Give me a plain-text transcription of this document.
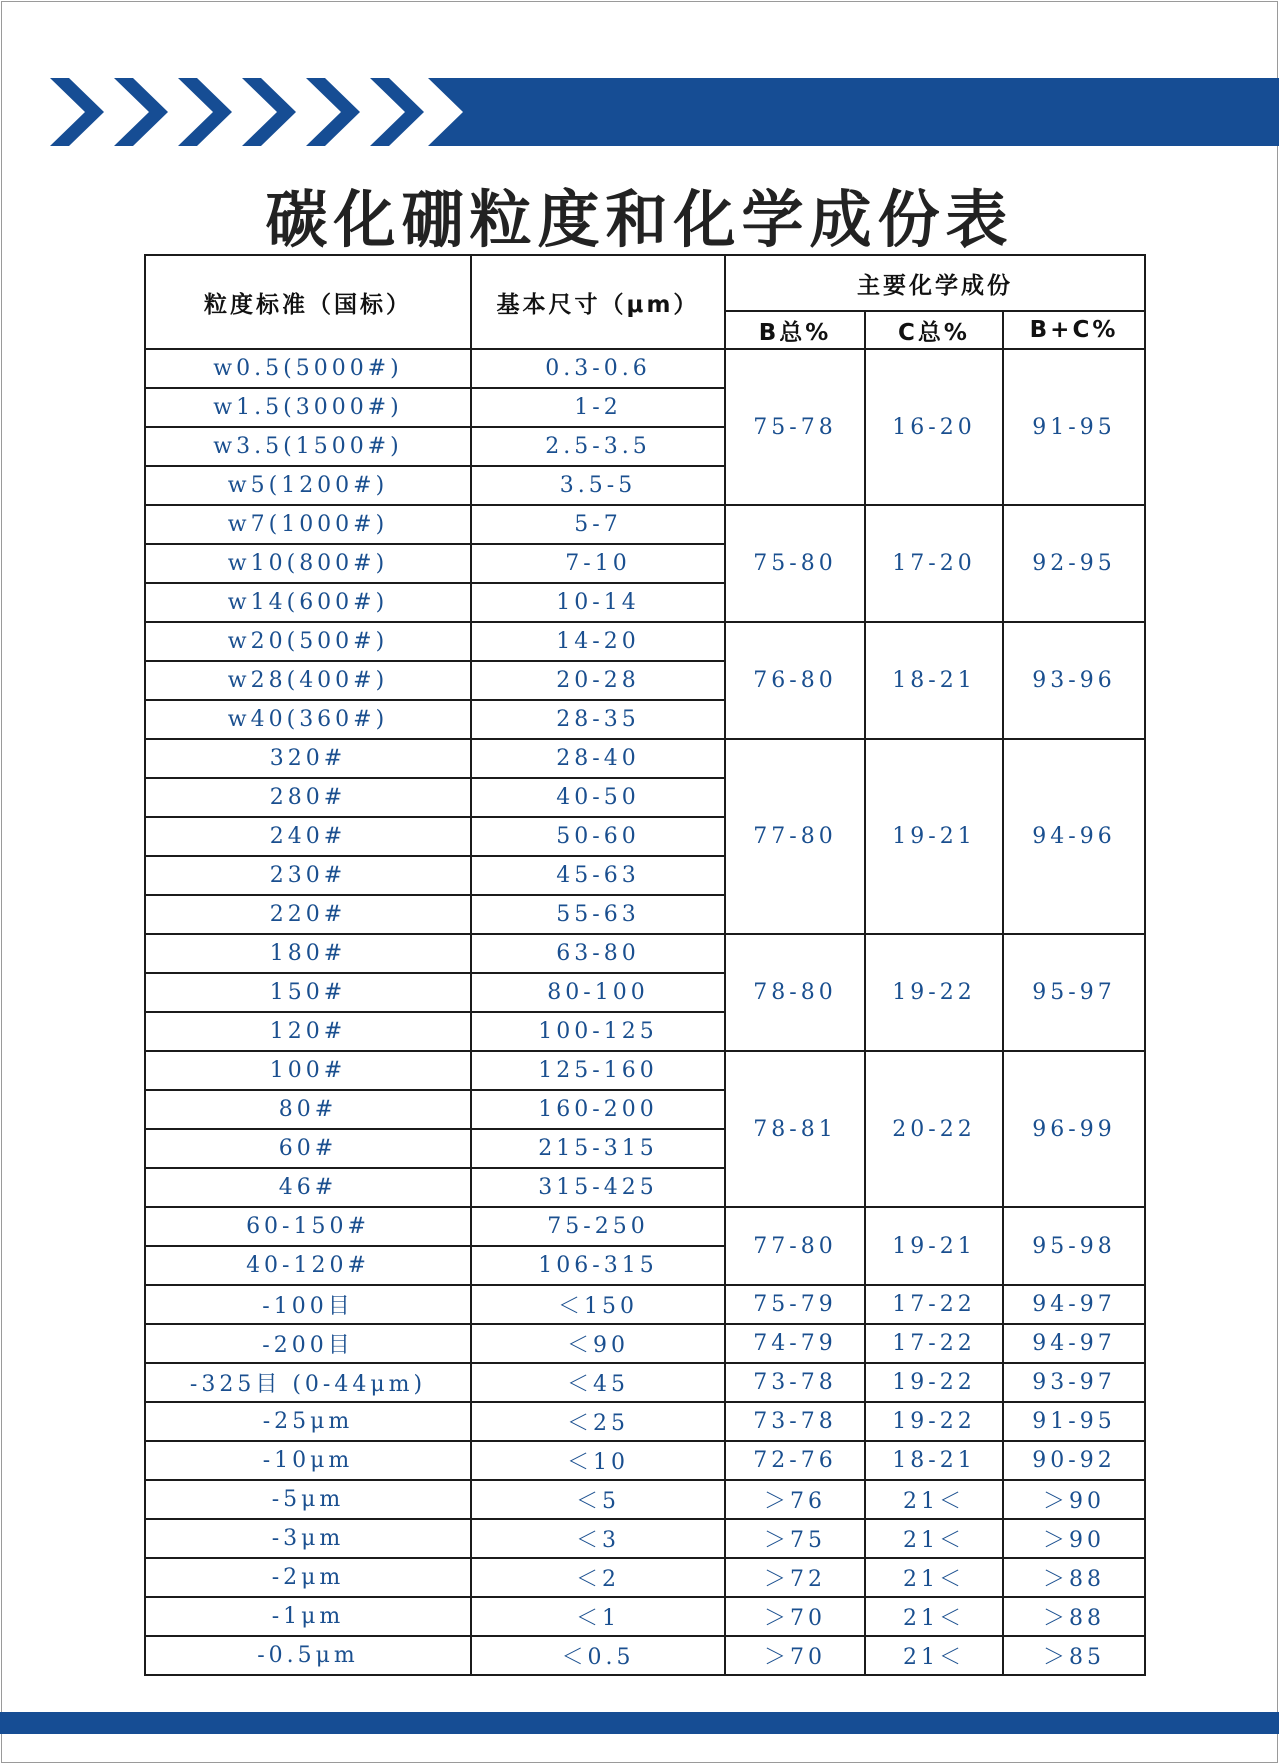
碳化硼粒度和化学成份表
粒度标准（国标）	基本尺寸（μm）	主要化学成份		
		B总%	C总%	B+C%
w0.5(5000#)	0.3-0.6	75-78	16-20	91-95
w1.5(3000#)	1-2			
w3.5(1500#)	2.5-3.5			
w5(1200#)	3.5-5			
w7(1000#)	5-7	75-80	17-20	92-95
w10(800#)	7-10			
w14(600#)	10-14			
w20(500#)	14-20	76-80	18-21	93-96
w28(400#)	20-28			
w40(360#)	28-35			
320#	28-40	77-80	19-21	94-96
280#	40-50			
240#	50-60			
230#	45-63			
220#	55-63			
180#	63-80	78-80	19-22	95-97
150#	80-100			
120#	100-125			
100#	125-160	78-81	20-22	96-99
80#	160-200			
60#	215-315			
46#	315-425			
60-150#	75-250	77-80	19-21	95-98
40-120#	106-315			
-100目	＜150	75-79	17-22	94-97
-200目	＜90	74-79	17-22	94-97
-325目 (0-44μm)	＜45	73-78	19-22	93-97
-25μm	＜25	73-78	19-22	91-95
-10μm	＜10	72-76	18-21	90-92
-5μm	＜5	＞76	21＜	＞90
-3μm	＜3	＞75	21＜	＞90
-2μm	＜2	＞72	21＜	＞88
-1μm	＜1	＞70	21＜	＞88
-0.5μm	＜0.5	＞70	21＜	＞85
